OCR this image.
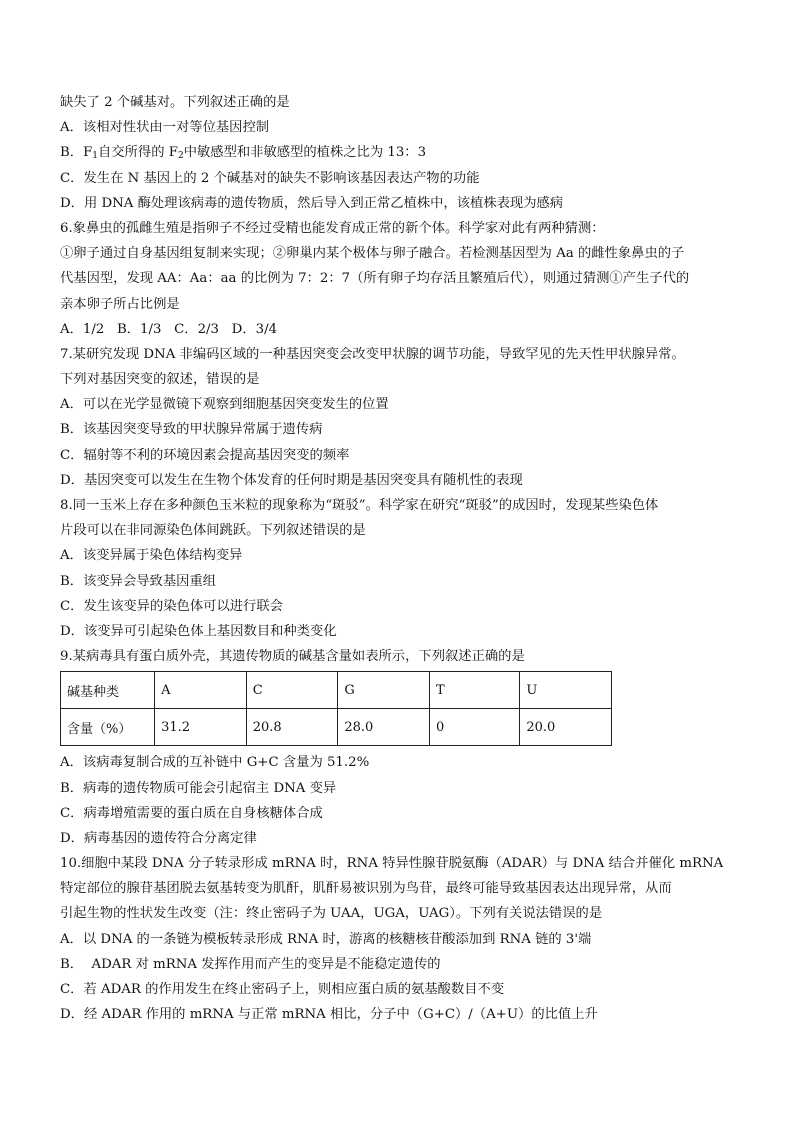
缺失了 2 个碱基对。下列叙述正确的是
A．该相对性状由一对等位基因控制
B．$F_1$自交所得的 $F_2$中敏感型和非敏感型的植株之比为 13：3
C．发生在 N 基因上的 2 个碱基对的缺失不影响该基因表达产物的功能
D．用 DNA 酶处理该病毒的遗传物质，然后导入到正常乙植株中，该植株表现为感病
6.象鼻虫的孤雌生殖是指卵子不经过受精也能发育成正常的新个体。科学家对此有两种猜测：
①卵子通过自身基因组复制来实现；②卵巢内某个极体与卵子融合。若检测基因型为 Aa 的雌性象鼻虫的子
代基因型，发现 AA：Aa：aa 的比例为 7：2：7（所有卵子均存活且繁殖后代），则通过猜测①产生子代的
亲本卵子所占比例是
A．1/2   B．1/3   C．2/3   D．3/4
7.某研究发现 DNA 非编码区域的一种基因突变会改变甲状腺的调节功能，导致罕见的先天性甲状腺异常。
下列对基因突变的叙述，错误的是
A．可以在光学显微镜下观察到细胞基因突变发生的位置
B．该基因突变导致的甲状腺异常属于遗传病
C．辐射等不利的环境因素会提高基因突变的频率
D．基因突变可以发生在生物个体发育的任何时期是基因突变具有随机性的表现
8.同一玉米上存在多种颜色玉米粒的现象称为“斑驳”。科学家在研究“斑驳”的成因时，发现某些染色体
片段可以在非同源染色体间跳跃。下列叙述错误的是
A．该变异属于染色体结构变异
B．该变异会导致基因重组
C．发生该变异的染色体可以进行联会
D．该变异可引起染色体上基因数目和种类变化
9.某病毒具有蛋白质外壳，其遗传物质的碱基含量如表所示，下列叙述正确的是
碱基种类	A	C	G	T	U
含量（%）	31.2	20.8	28.0	0	20.0
A．该病毒复制合成的互补链中 G+C 含量为 51.2%
B．病毒的遗传物质可能会引起宿主 DNA 变异
C．病毒增殖需要的蛋白质在自身核糖体合成
D．病毒基因的遗传符合分离定律
10.细胞中某段 DNA 分子转录形成 mRNA 时，RNA 特异性腺苷脱氨酶（ADAR）与 DNA 结合并催化 mRNA
特定部位的腺苷基团脱去氨基转变为肌酐，肌酐易被识别为鸟苷，最终可能导致基因表达出现异常，从而
引起生物的性状发生改变（注：终止密码子为 UAA，UGA，UAG）。下列有关说法错误的是
A．以 DNA 的一条链为模板转录形成 RNA 时，游离的核糖核苷酸添加到 RNA 链的 3'端
B．  ADAR 对 mRNA 发挥作用而产生的变异是不能稳定遗传的
C．若 ADAR 的作用发生在终止密码子上，则相应蛋白质的氨基酸数目不变
D．经 ADAR 作用的 mRNA 与正常 mRNA 相比，分子中（G+C）/（A+U）的比值上升
